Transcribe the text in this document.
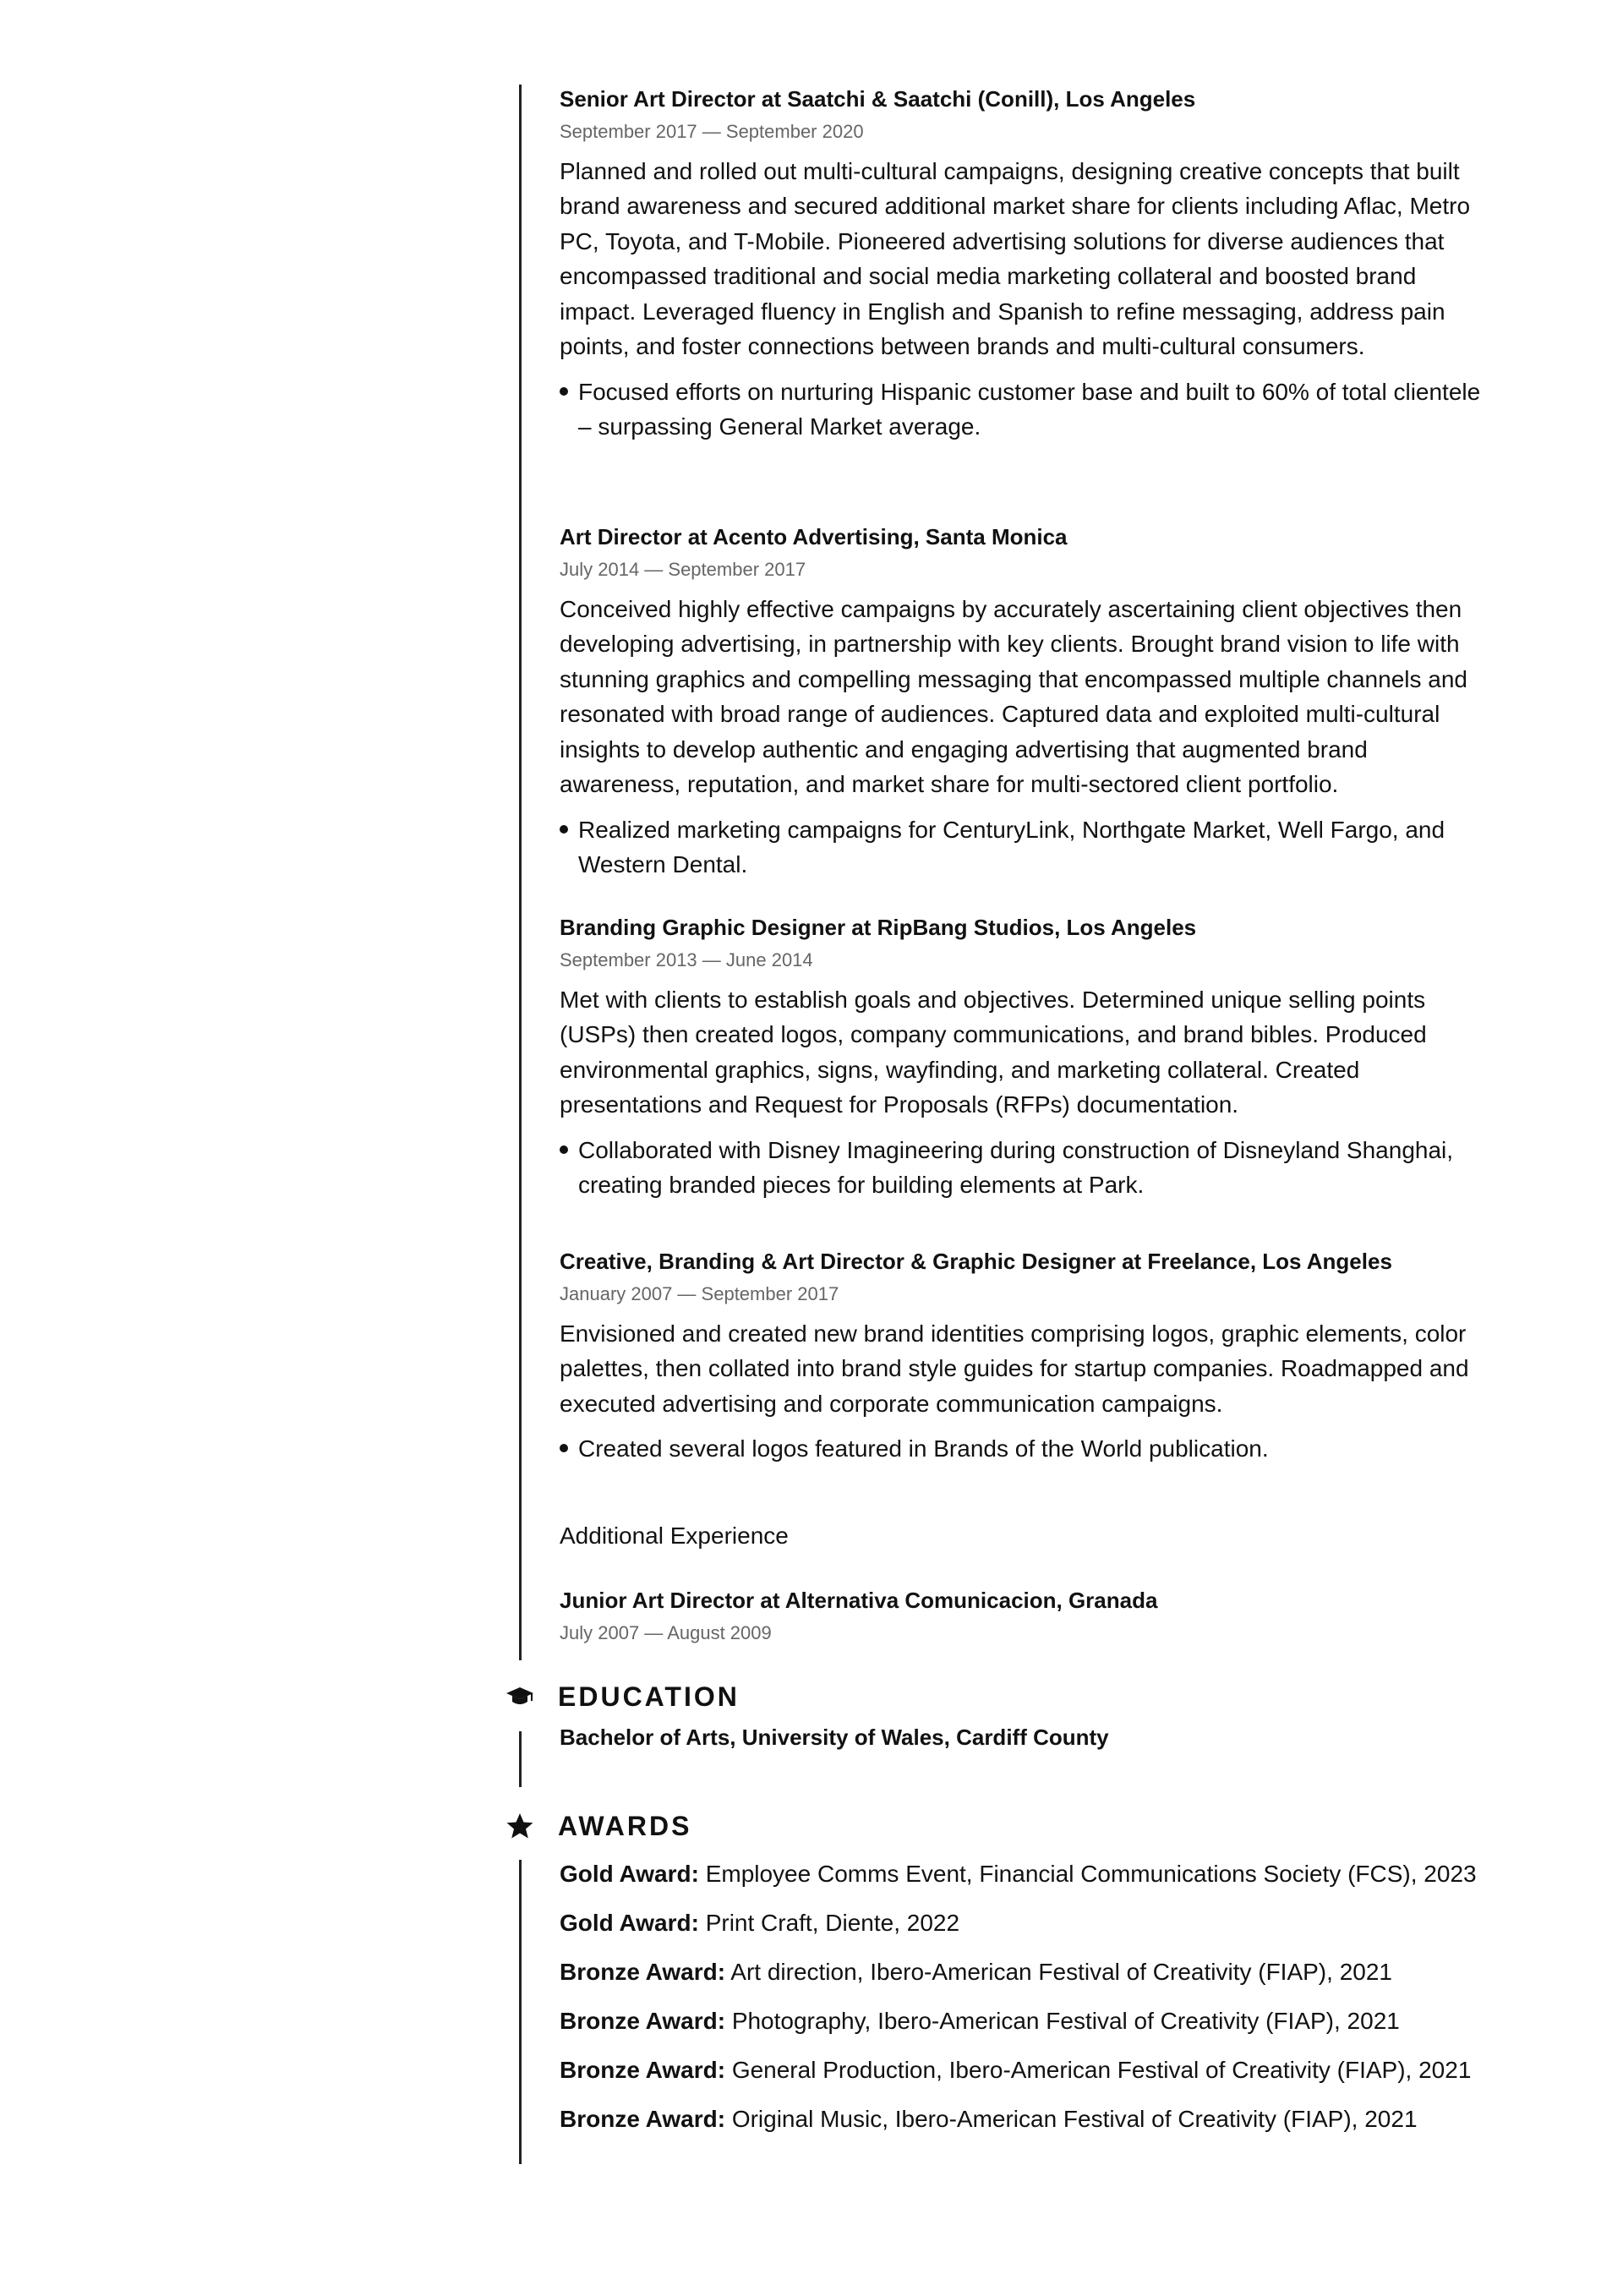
Senior Art Director at Saatchi & Saatchi (Conill), Los Angeles
September 2017 — September 2020
Planned and rolled out multi-cultural campaigns, designing creative concepts that built brand awareness and secured additional market share for clients including Aflac, Metro PC, Toyota, and T-Mobile. Pioneered advertising solutions for diverse audiences that encompassed traditional and social media marketing collateral and boosted brand impact. Leveraged fluency in English and Spanish to refine messaging, address pain points, and foster connections between brands and multi-cultural consumers.
Focused efforts on nurturing Hispanic customer base and built to 60% of total clientele – surpassing General Market average.
Art Director at Acento Advertising, Santa Monica
July 2014 — September 2017
Conceived highly effective campaigns by accurately ascertaining client objectives then developing advertising, in partnership with key clients. Brought brand vision to life with stunning graphics and compelling messaging that encompassed multiple channels and resonated with broad range of audiences. Captured data and exploited multi-cultural insights to develop authentic and engaging advertising that augmented brand awareness, reputation, and market share for multi-sectored client portfolio.
Realized marketing campaigns for CenturyLink, Northgate Market, Well Fargo, and Western Dental.
Branding Graphic Designer at RipBang Studios, Los Angeles
September 2013 — June 2014
Met with clients to establish goals and objectives. Determined unique selling points (USPs) then created logos, company communications, and brand bibles. Produced environmental graphics, signs, wayfinding, and marketing collateral. Created presentations and Request for Proposals (RFPs) documentation.
Collaborated with Disney Imagineering during construction of Disneyland Shanghai, creating branded pieces for building elements at Park.
Creative, Branding & Art Director & Graphic Designer at Freelance, Los Angeles
January 2007 — September 2017
Envisioned and created new brand identities comprising logos, graphic elements, color palettes, then collated into brand style guides for startup companies. Roadmapped and executed advertising and corporate communication campaigns.
Created several logos featured in Brands of the World publication.
Additional Experience
Junior Art Director at Alternativa Comunicacion, Granada
July 2007 — August 2009
EDUCATION
Bachelor of Arts, University of Wales, Cardiff County
AWARDS
Gold Award: Employee Comms Event, Financial Communications Society (FCS), 2023
Gold Award: Print Craft, Diente, 2022
Bronze Award: Art direction, Ibero-American Festival of Creativity (FIAP), 2021
Bronze Award: Photography, Ibero-American Festival of Creativity (FIAP), 2021
Bronze Award: General Production, Ibero-American Festival of Creativity (FIAP), 2021
Bronze Award: Original Music, Ibero-American Festival of Creativity (FIAP), 2021
